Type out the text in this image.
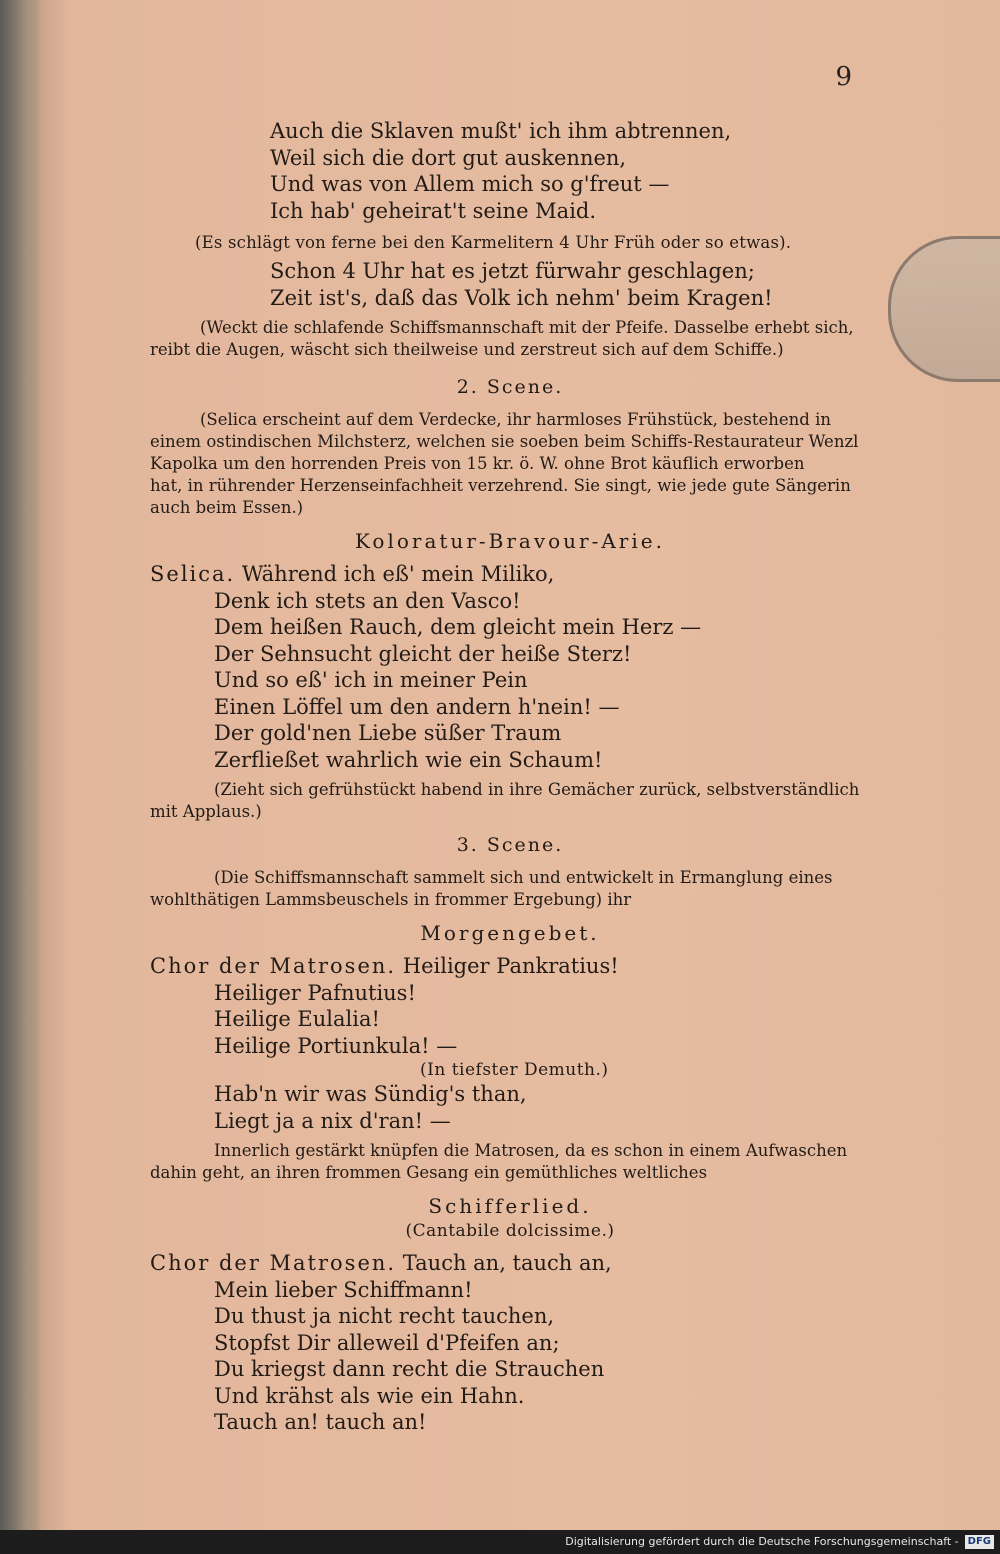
9
Auch die Sklaven mußt' ich ihm abtrennen,
Weil sich die dort gut auskennen,
Und was von Allem mich so g'freut —
Ich hab' geheirat't seine Maid.
(Es schlägt von ferne bei den Karmelitern 4 Uhr Früh oder so etwas).
Schon 4 Uhr hat es jetzt fürwahr geschlagen;
Zeit ist's, daß das Volk ich nehm' beim Kragen!
(Weckt die schlafende Schiffsmannschaft mit der Pfeife. Dasselbe erhebt sich,
reibt die Augen, wäscht sich theilweise und zerstreut sich auf dem Schiffe.)
2. Scene.
(Selica erscheint auf dem Verdecke, ihr harmloses Frühstück, bestehend in
einem ostindischen Milchsterz, welchen sie soeben beim Schiffs-Restaurateur Wenzl
Kapolka um den horrenden Preis von 15 kr. ö. W. ohne Brot käuflich erworben
hat, in rührender Herzenseinfachheit verzehrend. Sie singt, wie jede gute Sängerin
auch beim Essen.)
Koloratur-Bravour-Arie.
Selica. Während ich eß' mein Miliko,
Denk ich stets an den Vasco!
Dem heißen Rauch, dem gleicht mein Herz —
Der Sehnsucht gleicht der heiße Sterz!
Und so eß' ich in meiner Pein
Einen Löffel um den andern h'nein! —
Der gold'nen Liebe süßer Traum
Zerfließet wahrlich wie ein Schaum!
(Zieht sich gefrühstückt habend in ihre Gemächer zurück, selbstverständlich
mit Applaus.)
3. Scene.
(Die Schiffsmannschaft sammelt sich und entwickelt in Ermanglung eines
wohlthätigen Lammsbeuschels in frommer Ergebung) ihr
Morgengebet.
Chor der Matrosen. Heiliger Pankratius!
Heiliger Pafnutius!
Heilige Eulalia!
Heilige Portiunkula! —
(In tiefster Demuth.)
Hab'n wir was Sündig's than,
Liegt ja a nix d'ran! —
Innerlich gestärkt knüpfen die Matrosen, da es schon in einem Aufwaschen
dahin geht, an ihren frommen Gesang ein gemüthliches weltliches
Schifferlied.
(Cantabile dolcissime.)
Chor der Matrosen. Tauch an, tauch an,
Mein lieber Schiffmann!
Du thust ja nicht recht tauchen,
Stopfst Dir alleweil d'Pfeifen an;
Du kriegst dann recht die Strauchen
Und krähst als wie ein Hahn.
Tauch an! tauch an!
Digitalisierung gefördert durch die Deutsche Forschungsgemeinschaft - DFG
